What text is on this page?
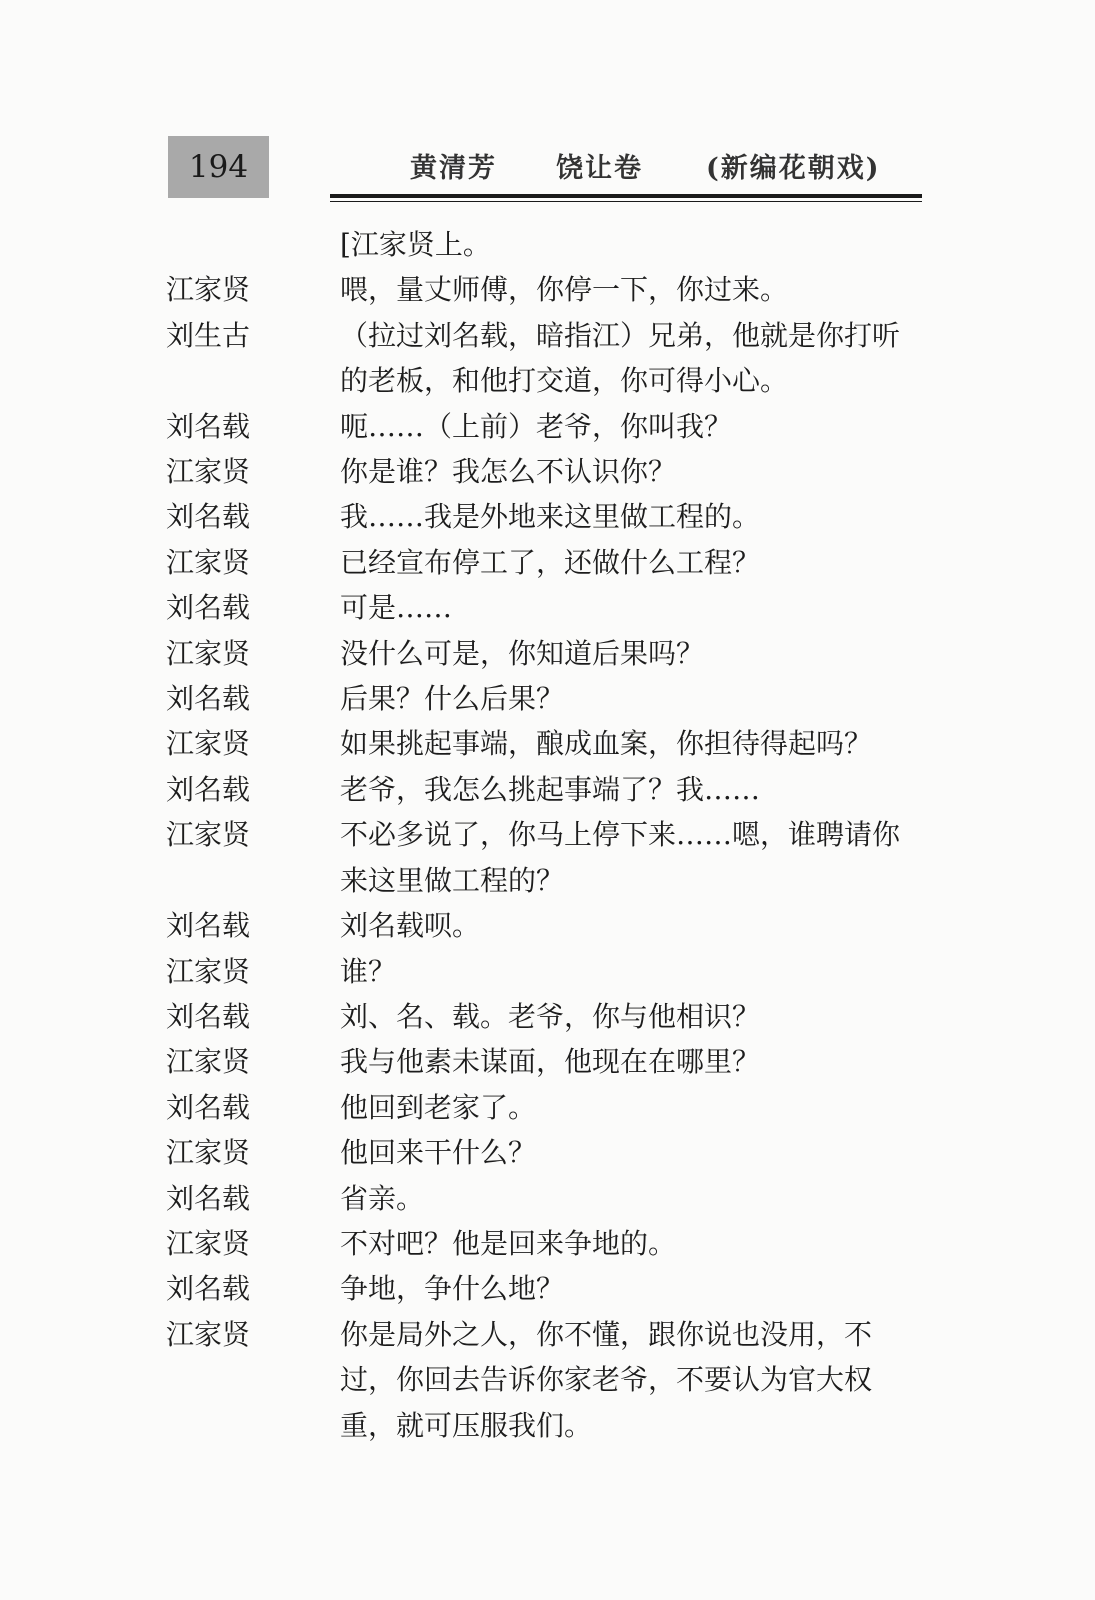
194	黄清芳 饶让卷 (新编花朝戏)
[江家贤上。
江家贤	喂，量丈师傅，你停一下，你过来。
刘生古	（拉过刘名载，暗指江）兄弟，他就是你打听的老板，和他打交道，你可得小心。
刘名载	呃……（上前）老爷，你叫我？
江家贤	你是谁？我怎么不认识你？
刘名载	我……我是外地来这里做工程的。
江家贤	已经宣布停工了，还做什么工程？
刘名载	可是……
江家贤	没什么可是，你知道后果吗？
刘名载	后果？什么后果？
江家贤	如果挑起事端，酿成血案，你担待得起吗？
刘名载	老爷，我怎么挑起事端了？我……
江家贤	不必多说了，你马上停下来……嗯，谁聘请你来这里做工程的？
刘名载	刘名载呗。
江家贤	谁？
刘名载	刘、名、载。老爷，你与他相识？
江家贤	我与他素未谋面，他现在在哪里？
刘名载	他回到老家了。
江家贤	他回来干什么？
刘名载	省亲。
江家贤	不对吧？他是回来争地的。
刘名载	争地，争什么地？
江家贤	你是局外之人，你不懂，跟你说也没用，不过，你回去告诉你家老爷，不要认为官大权重，就可压服我们。
